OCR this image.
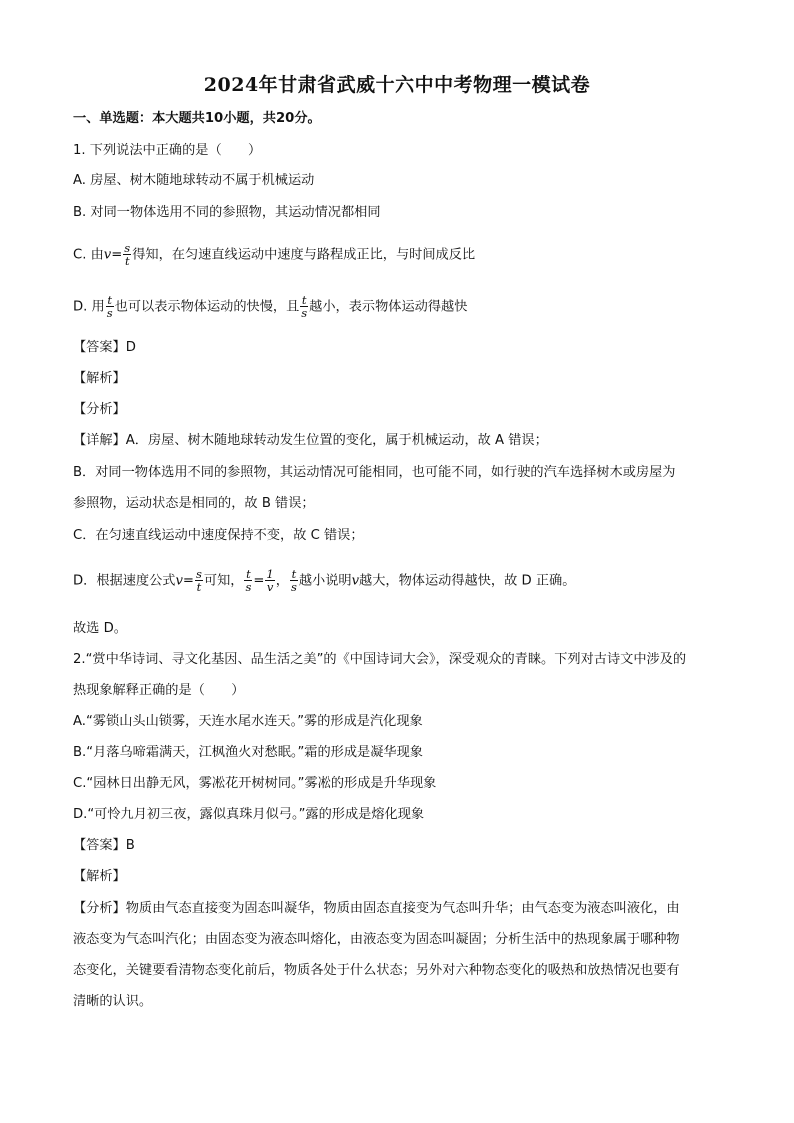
2024年甘肃省武威十六中中考物理一模试卷
一、单选题：本大题共10小题，共20分。
1. 下列说法中正确的是（　　）
A. 房屋、树木随地球转动不属于机械运动
B. 对同一物体选用不同的参照物，其运动情况都相同
C. 由$v= \frac{s}{t}$ 得知，在匀速直线运动中速度与路程成正比，与时间成反比
D. 用 $\frac{t}{s}$ 也可以表示物体运动的快慢，且 $\frac{t}{s}$ 越小，表示物体运动得越快
【答案】D
【解析】
【分析】
【详解】A．房屋、树木随地球转动发生位置的变化，属于机械运动，故 A 错误；
B．对同一物体选用不同的参照物，其运动情况可能相同，也可能不同，如行驶的汽车选择树木或房屋为
参照物，运动状态是相同的，故 B 错误；
C．在匀速直线运动中速度保持不变，故 C 错误；
D．根据速度公式$v= \frac{s}{t}$ 可知， $\frac{t}{s} = \frac{1}{v}$ ， $\frac{t}{s}$ 越小说明v越大，物体运动得越快，故 D 正确。
故选 D。
2.“赏中华诗词、寻文化基因、品生活之美”的《中国诗词大会》，深受观众的青睐。下列对古诗文中涉及的
热现象解释正确的是（　　）
A.“雾锁山头山锁雾，天连水尾水连天。”雾的形成是汽化现象
B.“月落乌啼霜满天，江枫渔火对愁眠。”霜的形成是凝华现象
C.“园林日出静无风，雾凇花开树树同。”雾凇的形成是升华现象
D.“可怜九月初三夜，露似真珠月似弓。”露的形成是熔化现象
【答案】B
【解析】
【分析】物质由气态直接变为固态叫凝华，物质由固态直接变为气态叫升华；由气态变为液态叫液化，由
液态变为气态叫汽化；由固态变为液态叫熔化，由液态变为固态叫凝固；分析生活中的热现象属于哪种物
态变化，关键要看清物态变化前后，物质各处于什么状态；另外对六种物态变化的吸热和放热情况也要有
清晰的认识。
